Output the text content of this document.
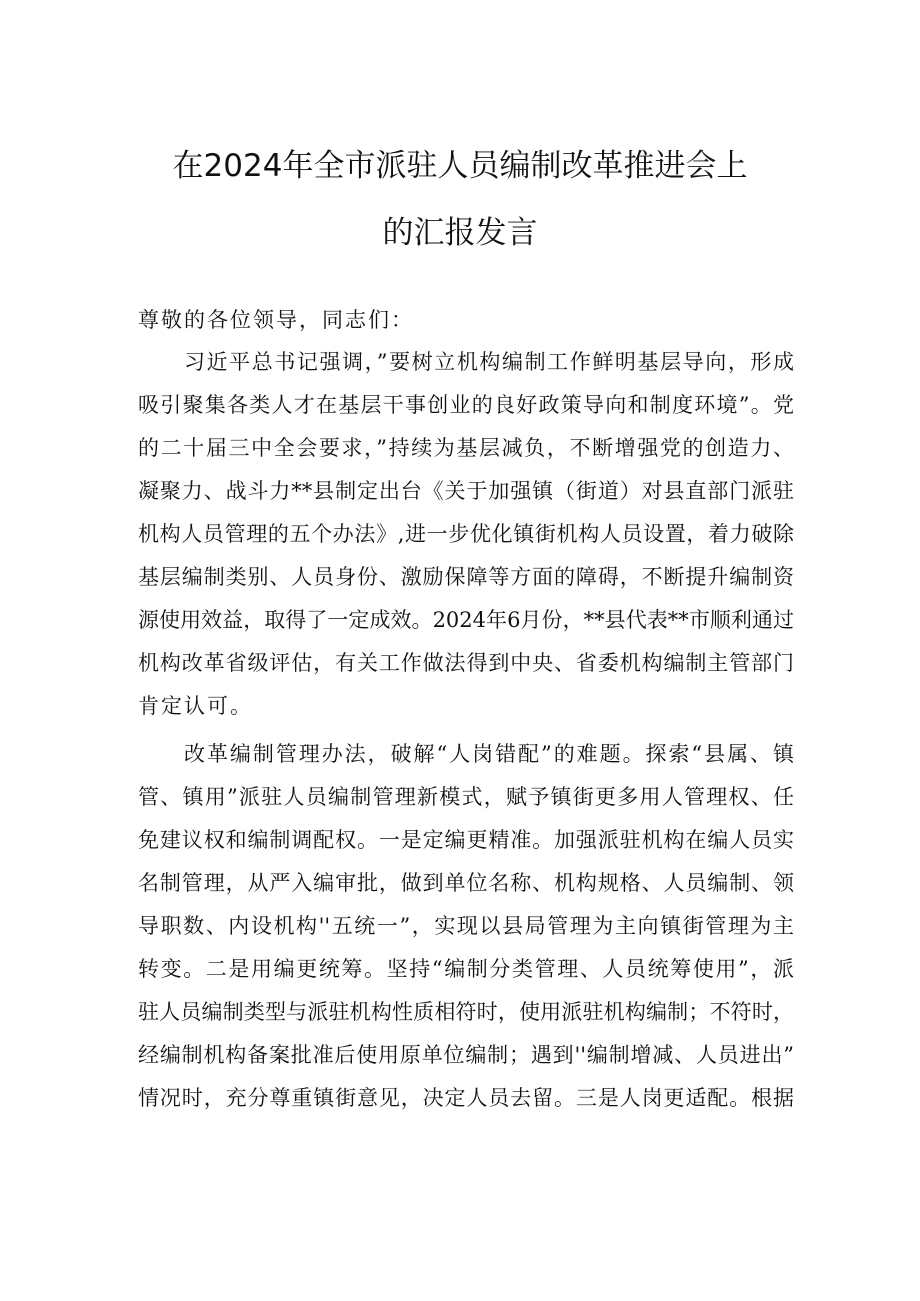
在2024年全市派驻人员编制改革推进会上
的汇报发言
尊敬的各位领导，同志们：
习近平总书记强调，”要树立机构编制工作鲜明基层导向，形成
吸引聚集各类人才在基层干事创业的良好政策导向和制度环境”。党
的二十届三中全会要求，”持续为基层减负，不断增强党的创造力、
凝聚力、战斗力**县制定出台《关于加强镇（街道）对县直部门派驻
机构人员管理的五个办法》,进一步优化镇街机构人员设置，着力破除
基层编制类别、人员身份、激励保障等方面的障碍，不断提升编制资
源使用效益，取得了一定成效。2024年6月份，**县代表**市顺利通过
机构改革省级评估，有关工作做法得到中央、省委机构编制主管部门
肯定认可。
改革编制管理办法，破解“人岗错配”的难题。探索“县属、镇
管、镇用”派驻人员编制管理新模式，赋予镇街更多用人管理权、任
免建议权和编制调配权。一是定编更精准。加强派驻机构在编人员实
名制管理，从严入编审批，做到单位名称、机构规格、人员编制、领
导职数、内设机构''五统一”，实现以县局管理为主向镇街管理为主
转变。二是用编更统筹。坚持“编制分类管理、人员统筹使用”，派
驻人员编制类型与派驻机构性质相符时，使用派驻机构编制；不符时，
经编制机构备案批准后使用原单位编制；遇到''编制增减、人员进出”
情况时，充分尊重镇街意见，决定人员去留。三是人岗更适配。根据
